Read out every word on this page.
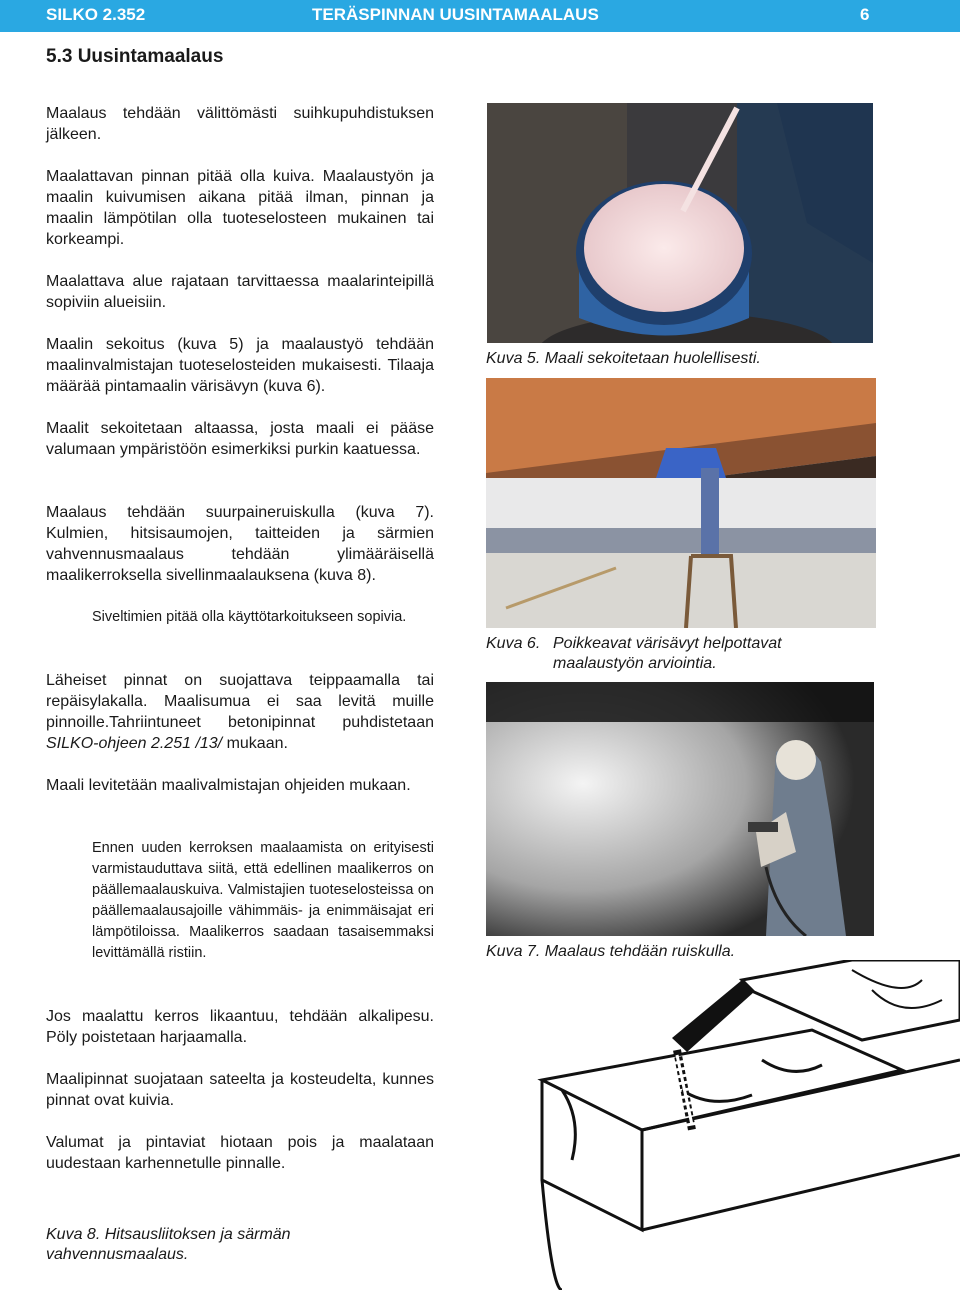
SILKO 2.352	TERÄSPINNAN UUSINTAMAALAUS	6
5.3 Uusintamaalaus

Maalaus tehdään välittömästi suihkupuhdistuksen jälkeen.

Maalattavan pinnan pitää olla kuiva. Maalaustyön ja maalin kuivumisen aikana pitää ilman, pinnan ja maalin lämpötilan olla tuoteselosteen mukainen tai korkeampi.

Maalattava alue rajataan tarvittaessa maalarinteipillä sopiviin alueisiin.

Maalin sekoitus (kuva 5) ja maalaustyö tehdään maalinvalmistajan tuoteselosteiden mukaisesti. Tilaaja määrää pintamaalin värisävyn (kuva 6).

Maalit sekoitetaan altaassa, josta maali ei pääse valumaan ympäristöön esimerkiksi purkin kaatuessa.

Maalaus tehdään suurpaineruiskulla (kuva 7). Kulmien, hitsisaumojen, taitteiden ja särmien vahvennusmaalaus tehdään ylimääräisellä maalikerroksella sivellinmaalauksena (kuva 8).

Siveltimien pitää olla käyttötarkoitukseen sopivia.

Läheiset pinnat on suojattava teippaamalla tai repäisylakalla. Maalisumua ei saa levitä muille pinnoille.Tahriintuneet betonipinnat puhdistetaan SILKO-ohjeen 2.251 /13/ mukaan.

Maali levitetään maalivalmistajan ohjeiden mukaan.

Ennen uuden kerroksen maalaamista on erityisesti varmistauduttava siitä, että edellinen maalikerros on päällemaalauskuiva. Valmistajien tuoteselosteissa on päällemaalausajoille vähimmäis- ja enimmäisajat eri lämpötiloissa. Maalikerros saadaan tasaisemmaksi levittämällä ristiin.

Jos maalattu kerros likaantuu, tehdään alkalipesu. Pöly poistetaan harjaamalla.

Maalipinnat suojataan sateelta ja kosteudelta, kunnes pinnat ovat kuivia.

Valumat ja pintaviat hiotaan pois ja maalataan uudestaan karhennetulle pinnalle.

Kuva 5. Maali sekoitetaan huolellisesti.
Kuva 6. Poikkeavat värisävyt helpottavat maalaustyön arviointia.
Kuva 7. Maalaus tehdään ruiskulla.
Kuva 8. Hitsausliitoksen ja särmän vahvennusmaalaus.
